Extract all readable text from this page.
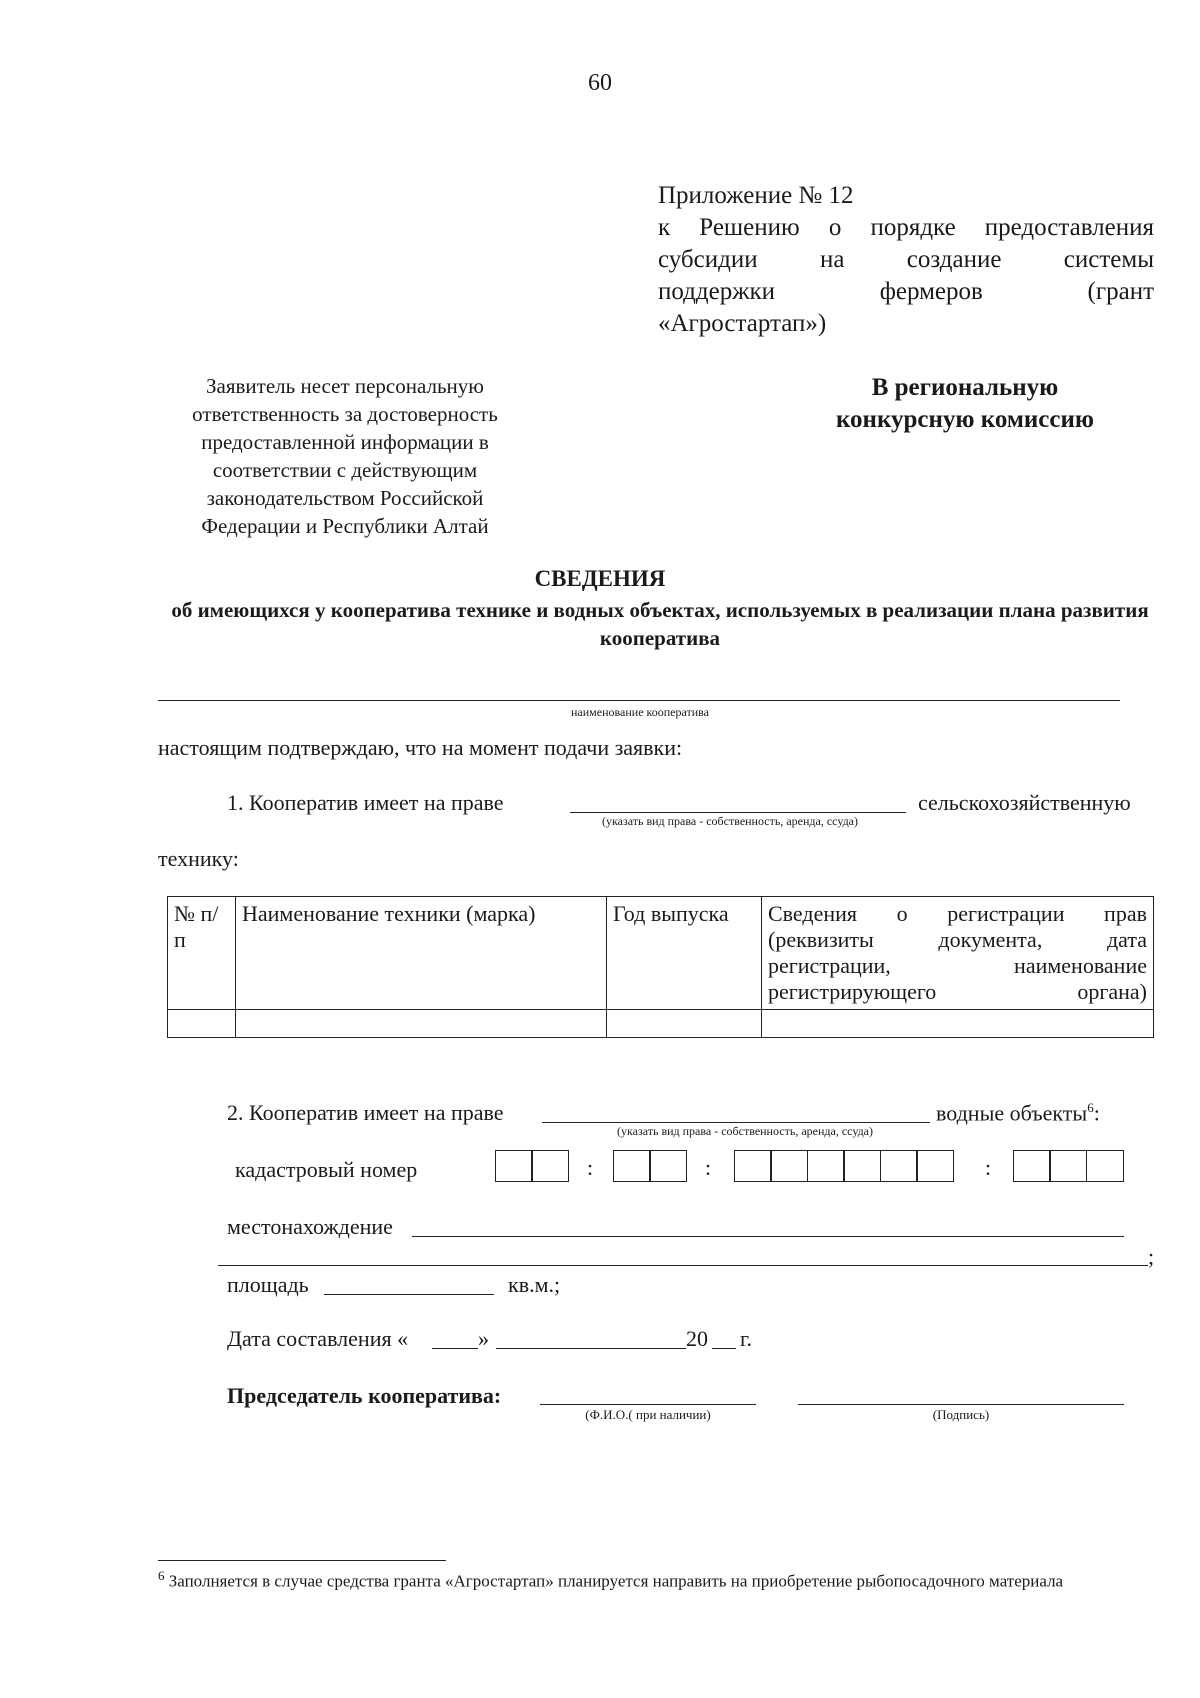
60
Приложение № 12
к Решению о порядке предоставления
субсидии на создание системы
поддержки фермеров (грант
«Агростартап»)
Заявитель несет персональную ответственность за достоверность предоставленной информации в соответствии с действующим законодательством Российской Федерации и Республики Алтай
В региональную
конкурсную комиссию
СВЕДЕНИЯ
об имеющихся у кооператива технике и водных объектах, используемых в реализации плана развития кооператива
наименование кооператива
настоящим подтверждаю, что на момент подачи заявки:
1. Кооператив имеет на праве	сельскохозяйственную
(указать вид права - собственность, аренда, ссуда)
технику:
№ п/п	Наименование техники (марка)	Год выпуска	Сведения о регистрации прав (реквизиты документа, дата регистрации, наименование регистрирующего органа)

2. Кооператив имеет на праве	водные объекты$^6$:
(указать вид права - собственность, аренда, ссуда)
кадастровый номер	:	:	:
местонахождение
;
площадь	кв.м.;
Дата составления «	»	20 г.
Председатель кооператива:
(Ф.И.О.( при наличии)	(Подпись)
$^6$ Заполняется в случае средства гранта «Агростартап» планируется направить на приобретение рыбопосадочного материала
